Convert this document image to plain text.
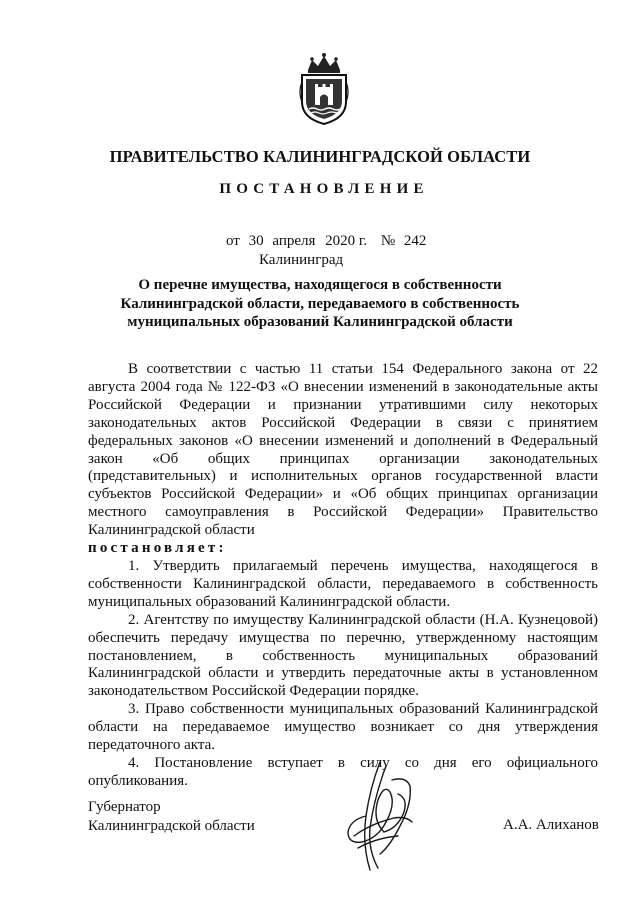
ПРАВИТЕЛЬСТВО КАЛИНИНГРАДСКОЙ ОБЛАСТИ
ПОСТАНОВЛЕНИЕ
от 30 апреля 2020 г. № 242
Калининград
О перечне имущества, находящегося в собственности
Калининградской области, передаваемого в собственность
муниципальных образований Калининградской области

В соответствии с частью 11 статьи 154 Федерального закона от 22 августа 2004 года № 122-ФЗ «О внесении изменений в законодательные акты Российской Федерации и признании утратившими силу некоторых законодательных актов Российской Федерации в связи с принятием федеральных законов «О внесении изменений и дополнений в Федеральный закон «Об общих принципах организации законодательных (представительных) и исполнительных органов государственной власти субъектов Российской Федерации» и «Об общих принципах организации местного самоуправления в Российской Федерации» Правительство Калининградской области

постановляет:

1. Утвердить прилагаемый перечень имущества, находящегося в собственности Калининградской области, передаваемого в собственность муниципальных образований Калининградской области.

2. Агентству по имуществу Калининградской области (Н.А. Кузнецовой) обеспечить передачу имущества по перечню, утвержденному настоящим постановлением, в собственность муниципальных образований Калининградской области и утвердить передаточные акты в установленном законодательством Российской Федерации порядке.

3. Право собственности муниципальных образований Калининградской области на передаваемое имущество возникает со дня утверждения передаточного акта.

4. Постановление вступает в силу со дня его официального опубликования.

Губернатор
Калининградской области	А.А. Алиханов
